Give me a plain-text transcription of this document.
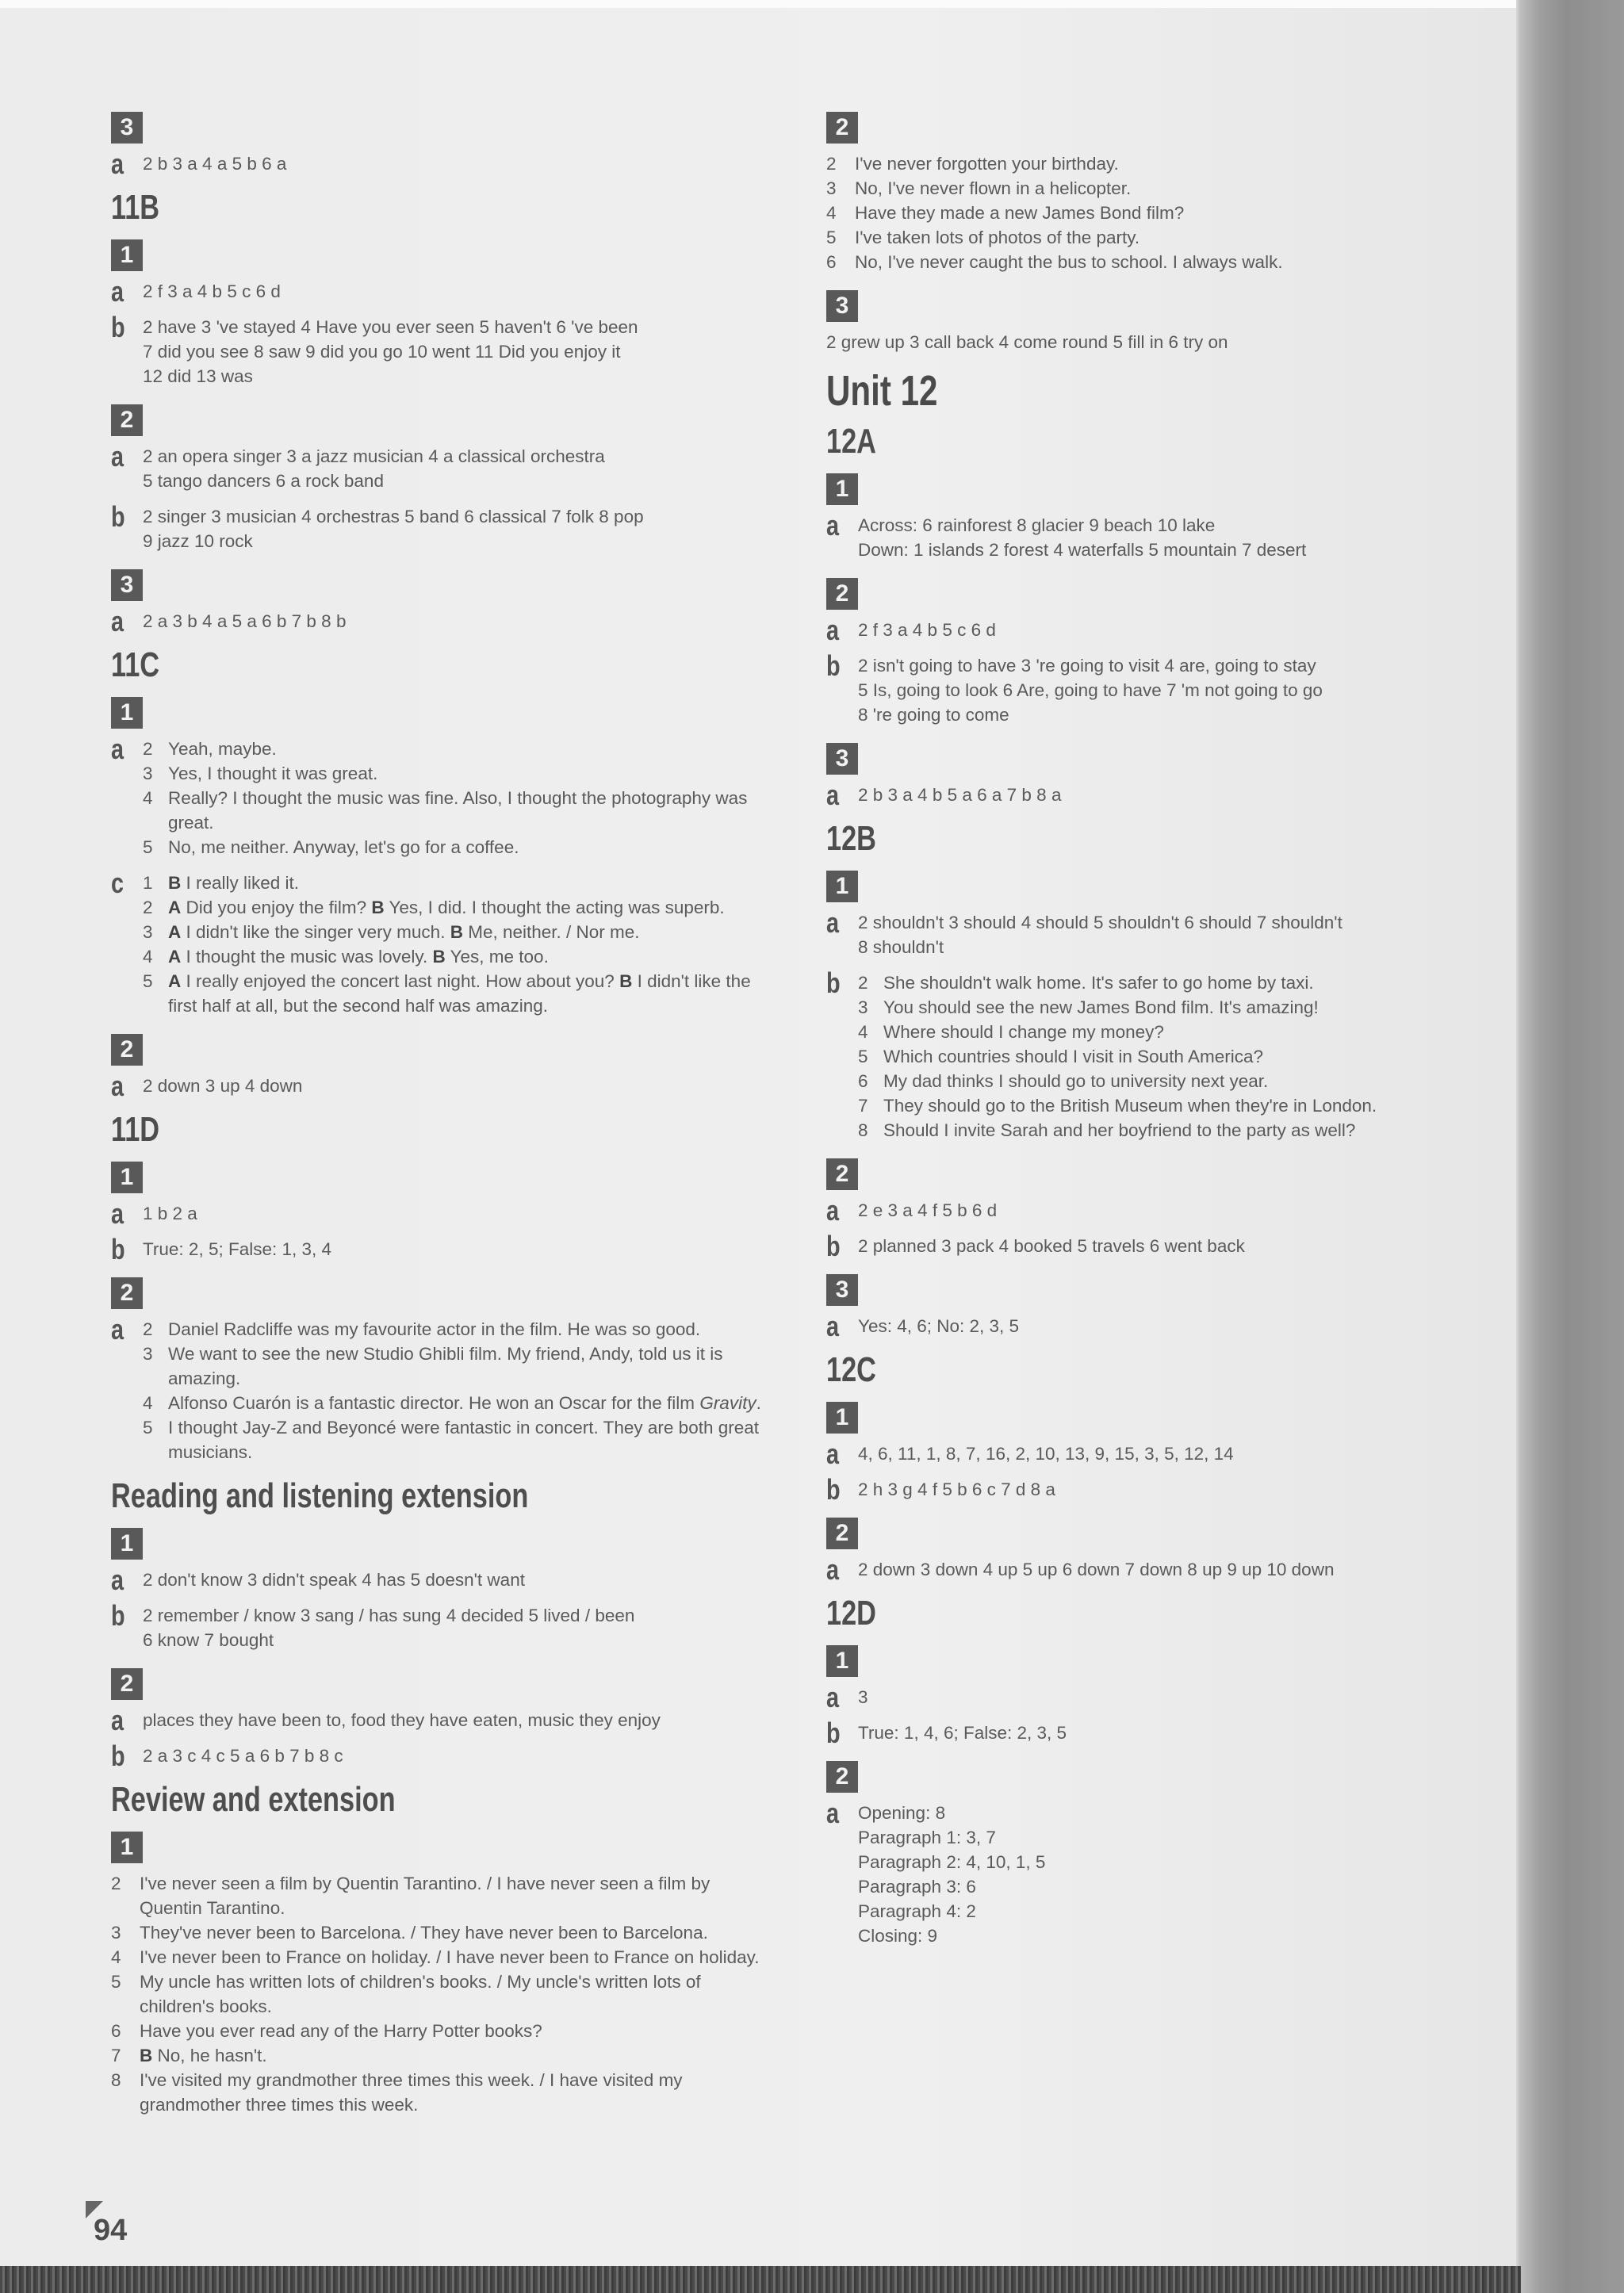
3
a 2 b 3 a 4 a 5 b 6 a
11B
1
a 2 f 3 a 4 b 5 c 6 d
b 2 have 3 've stayed 4 Have you ever seen 5 haven't 6 've been
7 did you see 8 saw 9 did you go 10 went 11 Did you enjoy it
12 did 13 was
2
a 2 an opera singer 3 a jazz musician 4 a classical orchestra
5 tango dancers 6 a rock band
b 2 singer 3 musician 4 orchestras 5 band 6 classical 7 folk 8 pop
9 jazz 10 rock
3
a 2 a 3 b 4 a 5 a 6 b 7 b 8 b
11C
1
a 2 Yeah, maybe.
3 Yes, I thought it was great.
4 Really? I thought the music was fine. Also, I thought the photography was great.
5 No, me neither. Anyway, let's go for a coffee.
c 1 B I really liked it.
2 A Did you enjoy the film? B Yes, I did. I thought the acting was superb.
3 A I didn't like the singer very much. B Me, neither. / Nor me.
4 A I thought the music was lovely. B Yes, me too.
5 A I really enjoyed the concert last night. How about you? B I didn't like the first half at all, but the second half was amazing.
2
a 2 down 3 up 4 down
11D
1
a 1 b 2 a
b True: 2, 5; False: 1, 3, 4
2
a 2 Daniel Radcliffe was my favourite actor in the film. He was so good.
3 We want to see the new Studio Ghibli film. My friend, Andy, told us it is amazing.
4 Alfonso Cuarón is a fantastic director. He won an Oscar for the film Gravity.
5 I thought Jay-Z and Beyoncé were fantastic in concert. They are both great musicians.
Reading and listening extension
1
a 2 don't know 3 didn't speak 4 has 5 doesn't want
b 2 remember / know 3 sang / has sung 4 decided 5 lived / been
6 know 7 bought
2
a places they have been to, food they have eaten, music they enjoy
b 2 a 3 c 4 c 5 a 6 b 7 b 8 c
Review and extension
1
2 I've never seen a film by Quentin Tarantino. / I have never seen a film by Quentin Tarantino.
3 They've never been to Barcelona. / They have never been to Barcelona.
4 I've never been to France on holiday. / I have never been to France on holiday.
5 My uncle has written lots of children's books. / My uncle's written lots of children's books.
6 Have you ever read any of the Harry Potter books?
7 B No, he hasn't.
8 I've visited my grandmother three times this week. / I have visited my grandmother three times this week.
2
2 I've never forgotten your birthday.
3 No, I've never flown in a helicopter.
4 Have they made a new James Bond film?
5 I've taken lots of photos of the party.
6 No, I've never caught the bus to school. I always walk.
3
2 grew up 3 call back 4 come round 5 fill in 6 try on
Unit 12
12A
1
a Across: 6 rainforest 8 glacier 9 beach 10 lake
Down: 1 islands 2 forest 4 waterfalls 5 mountain 7 desert
2
a 2 f 3 a 4 b 5 c 6 d
b 2 isn't going to have 3 're going to visit 4 are, going to stay
5 Is, going to look 6 Are, going to have 7 'm not going to go
8 're going to come
3
a 2 b 3 a 4 b 5 a 6 a 7 b 8 a
12B
1
a 2 shouldn't 3 should 4 should 5 shouldn't 6 should 7 shouldn't
8 shouldn't
b 2 She shouldn't walk home. It's safer to go home by taxi.
3 You should see the new James Bond film. It's amazing!
4 Where should I change my money?
5 Which countries should I visit in South America?
6 My dad thinks I should go to university next year.
7 They should go to the British Museum when they're in London.
8 Should I invite Sarah and her boyfriend to the party as well?
2
a 2 e 3 a 4 f 5 b 6 d
b 2 planned 3 pack 4 booked 5 travels 6 went back
3
a Yes: 4, 6; No: 2, 3, 5
12C
1
a 4, 6, 11, 1, 8, 7, 16, 2, 10, 13, 9, 15, 3, 5, 12, 14
b 2 h 3 g 4 f 5 b 6 c 7 d 8 a
2
a 2 down 3 down 4 up 5 up 6 down 7 down 8 up 9 up 10 down
12D
1
a 3
b True: 1, 4, 6; False: 2, 3, 5
2
a Opening: 8
Paragraph 1: 3, 7
Paragraph 2: 4, 10, 1, 5
Paragraph 3: 6
Paragraph 4: 2
Closing: 9
94
